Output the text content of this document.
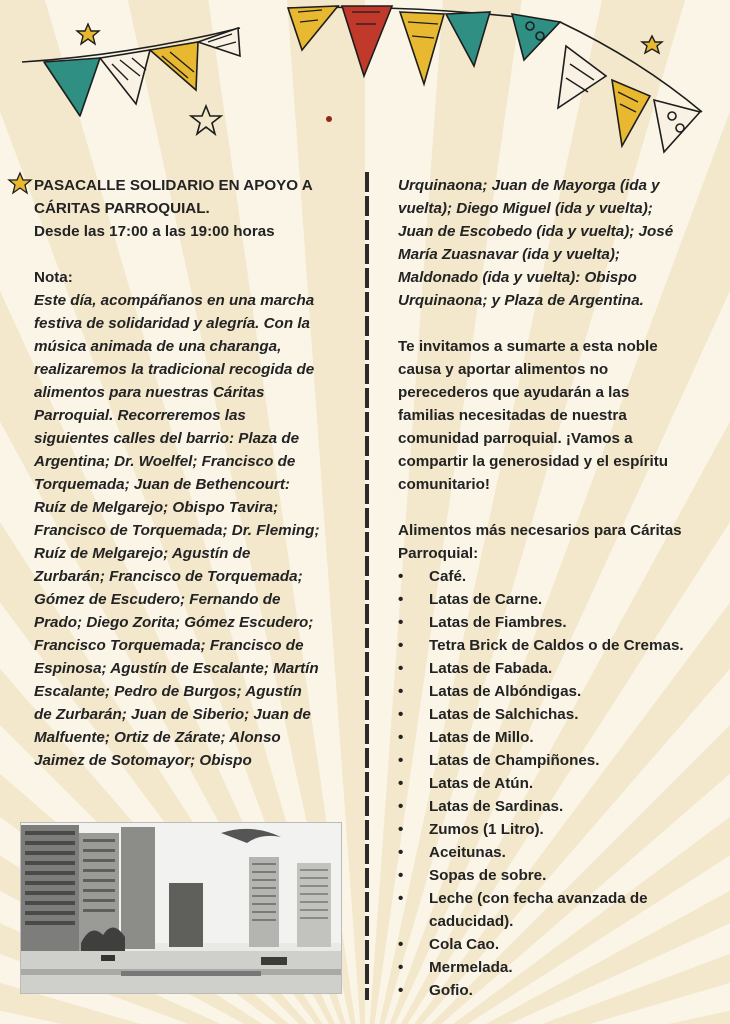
PASACALLE SOLIDARIO EN APOYO A
CÁRITAS PARROQUIAL.
Desde las 17:00 a las 19:00 horas
Nota:
Este día, acompáñanos en una marcha
festiva de solidaridad y alegría. Con la
música animada de una charanga,
realizaremos la tradicional recogida de
alimentos para nuestras Cáritas
Parroquial. Recorreremos las
siguientes calles del barrio: Plaza de
Argentina; Dr. Woelfel; Francisco de
Torquemada; Juan de Bethencourt:
Ruíz de Melgarejo; Obispo Tavira;
Francisco de Torquemada; Dr. Fleming;
Ruíz de Melgarejo; Agustín de
Zurbarán; Francisco de Torquemada;
Gómez de Escudero; Fernando de
Prado; Diego Zorita; Gómez Escudero;
Francisco Torquemada; Francisco de
Espinosa; Agustín de Escalante; Martín
Escalante; Pedro de Burgos; Agustín
de Zurbarán; Juan de Siberio; Juan de
Malfuente; Ortiz de Zárate; Alonso
Jaimez de Sotomayor; Obispo
Urquinaona; Juan de Mayorga (ida y
vuelta); Diego Miguel (ida y vuelta);
Juan de Escobedo (ida y vuelta); José
María Zuasnavar (ida y vuelta);
Maldonado (ida y vuelta): Obispo
Urquinaona; y Plaza de Argentina.
Te invitamos a sumarte a esta noble
causa y aportar alimentos no
perecederos que ayudarán a las
familias necesitadas de nuestra
comunidad parroquial. ¡Vamos a
compartir la generosidad y el espíritu
comunitario!
Alimentos más necesarios para Cáritas
Parroquial:
• Café.
• Latas de Carne.
• Latas de Fiambres.
• Tetra Brick de Caldos o de Cremas.
• Latas de Fabada.
• Latas de Albóndigas.
• Latas de Salchichas.
• Latas de Millo.
• Latas de Champiñones.
• Latas de Atún.
• Latas de Sardinas.
• Zumos (1 Litro).
• Aceitunas.
• Sopas de sobre.
• Leche (con fecha avanzada de
caducidad).
• Cola Cao.
• Mermelada.
• Gofio.
